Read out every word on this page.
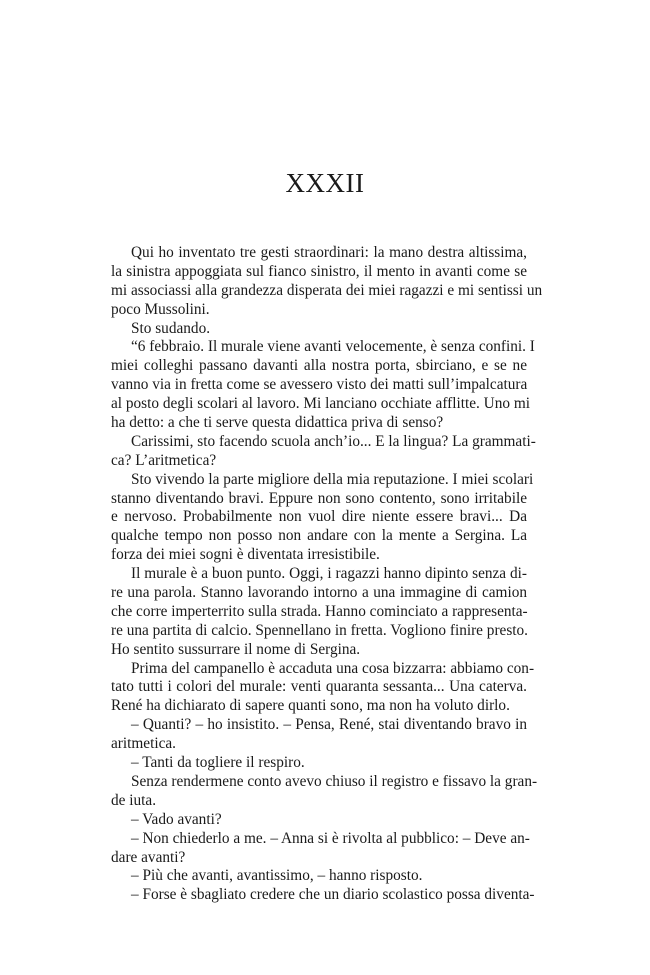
XXXII
Qui ho inventato tre gesti straordinari: la mano destra altissima,
la sinistra appoggiata sul fianco sinistro, il mento in avanti come se
mi associassi alla grandezza disperata dei miei ragazzi e mi sentissi un
poco Mussolini.
Sto sudando.
“6 febbraio. Il murale viene avanti velocemente, è senza confini. I
miei colleghi passano davanti alla nostra porta, sbirciano, e se ne
vanno via in fretta come se avessero visto dei matti sull’impalcatura
al posto degli scolari al lavoro. Mi lanciano occhiate afflitte. Uno mi
ha detto: a che ti serve questa didattica priva di senso?
Carissimi, sto facendo scuola anch’io... E la lingua? La grammati-
ca? L’aritmetica?
Sto vivendo la parte migliore della mia reputazione. I miei scolari
stanno diventando bravi. Eppure non sono contento, sono irritabile
e nervoso. Probabilmente non vuol dire niente essere bravi... Da
qualche tempo non posso non andare con la mente a Sergina. La
forza dei miei sogni è diventata irresistibile.
Il murale è a buon punto. Oggi, i ragazzi hanno dipinto senza di-
re una parola. Stanno lavorando intorno a una immagine di camion
che corre imperterrito sulla strada. Hanno cominciato a rappresenta-
re una partita di calcio. Spennellano in fretta. Vogliono finire presto.
Ho sentito sussurrare il nome di Sergina.
Prima del campanello è accaduta una cosa bizzarra: abbiamo con-
tato tutti i colori del murale: venti quaranta sessanta... Una caterva.
René ha dichiarato di sapere quanti sono, ma non ha voluto dirlo.
– Quanti? – ho insistito. – Pensa, René, stai diventando bravo in
aritmetica.
– Tanti da togliere il respiro.
Senza rendermene conto avevo chiuso il registro e fissavo la gran-
de iuta.
– Vado avanti?
– Non chiederlo a me. – Anna si è rivolta al pubblico: – Deve an-
dare avanti?
– Più che avanti, avantissimo, – hanno risposto.
– Forse è sbagliato credere che un diario scolastico possa diventa-
